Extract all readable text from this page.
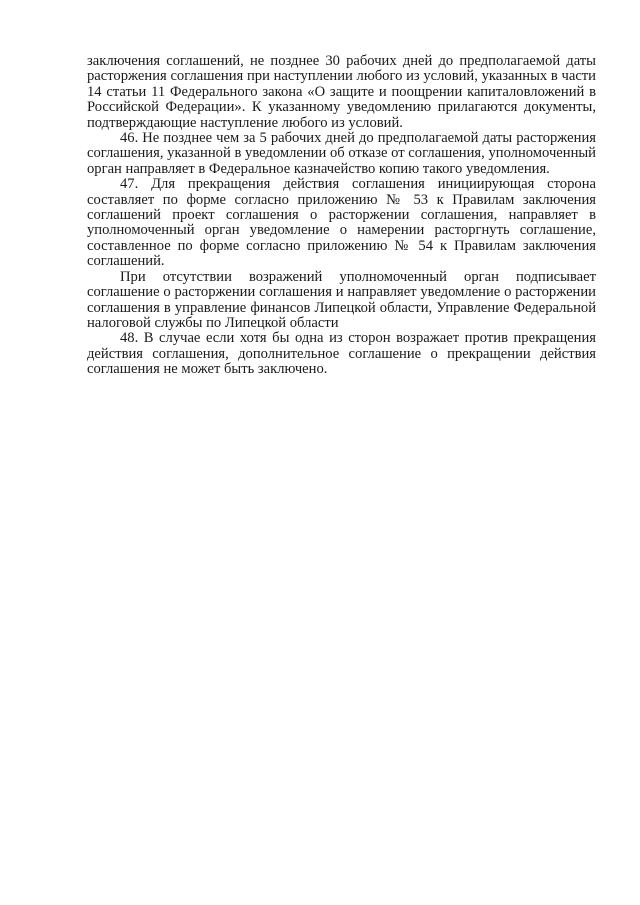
заключения соглашений, не позднее 30 рабочих дней до предполагаемой даты расторжения соглашения при наступлении любого из условий, указанных в части 14 статьи 11 Федерального закона «О защите и поощрении капиталовложений в Российской Федерации». К указанному уведомлению прилагаются документы, подтверждающие наступление любого из условий.

46. Не позднее чем за 5 рабочих дней до предполагаемой даты расторжения соглашения, указанной в уведомлении об отказе от соглашения, уполномоченный орган направляет в Федеральное казначейство копию такого уведомления.

47. Для прекращения действия соглашения инициирующая сторона составляет по форме согласно приложению № 53 к Правилам заключения соглашений проект соглашения о расторжении соглашения, направляет в уполномоченный орган уведомление о намерении расторгнуть соглашение, составленное по форме согласно приложению № 54 к Правилам заключения соглашений.

При отсутствии возражений уполномоченный орган подписывает соглашение о расторжении соглашения и направляет уведомление о расторжении соглашения в управление финансов Липецкой области, Управление Федеральной налоговой службы по Липецкой области

48. В случае если хотя бы одна из сторон возражает против прекращения действия соглашения, дополнительное соглашение о прекращении действия соглашения не может быть заключено.
